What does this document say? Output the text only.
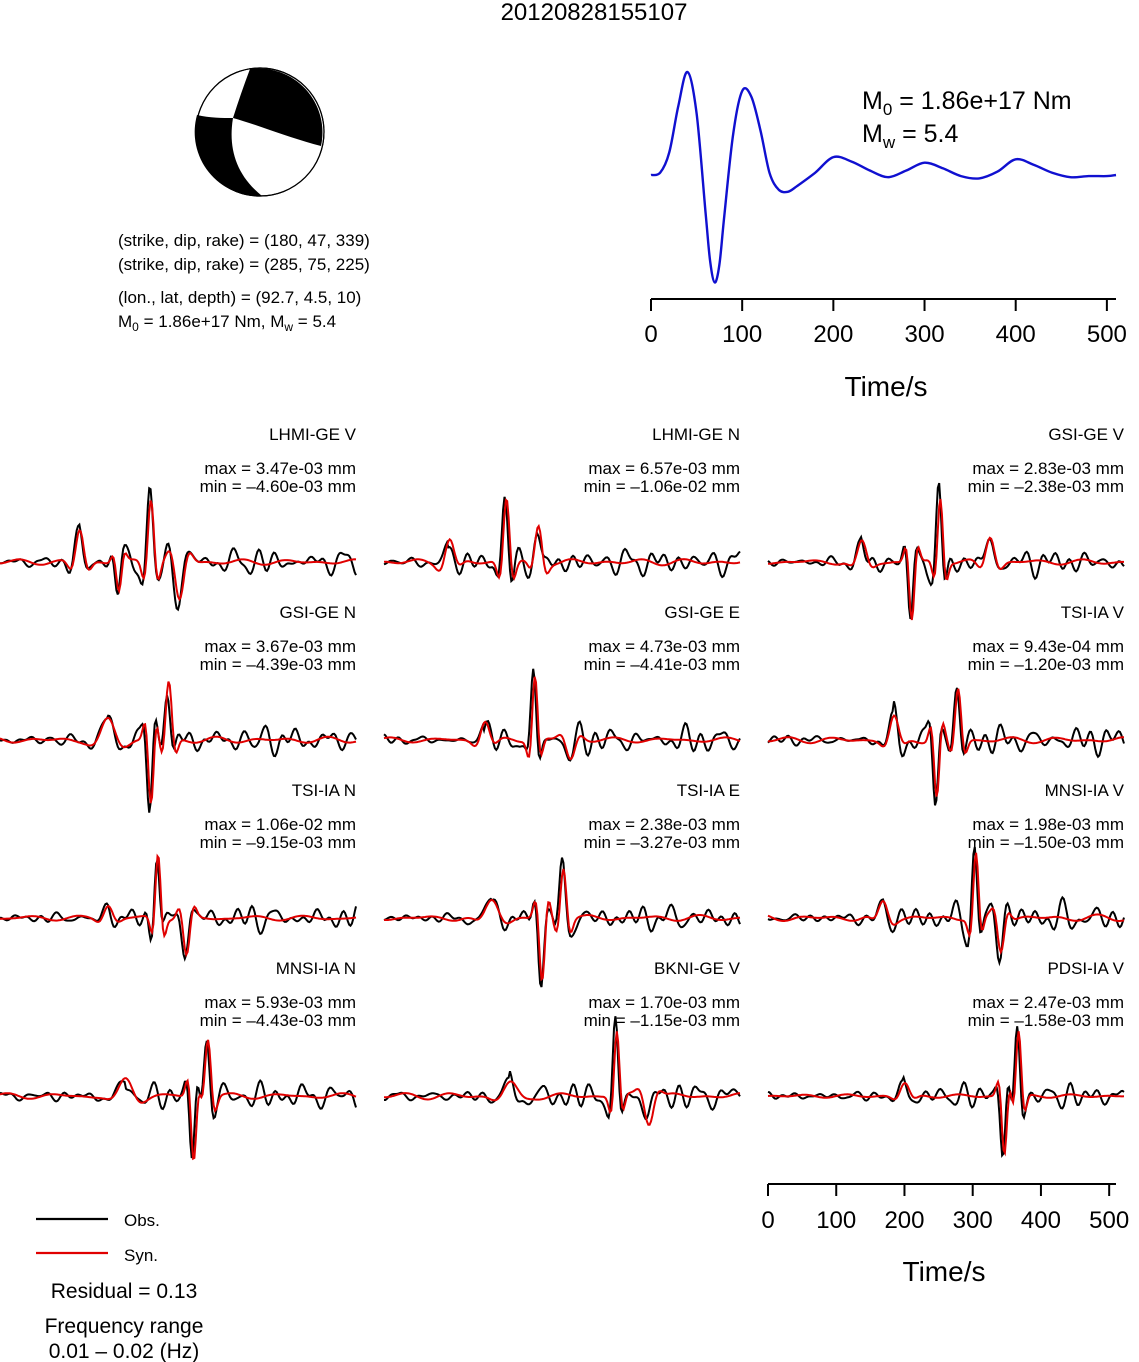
20120828155107
(strike, dip, rake) = (180, 47, 339)
(strike, dip, rake) = (285, 75, 225)
(lon., lat, depth) = (92.7, 4.5, 10)
$M_0 = 1.86e+17$ Nm, $M_w = 5.4$
$M_0 = 1.86e+17$ Nm
$M_w = 5.4$
0	100 200 300 400 500
Time/s
LHMI-GE V
max = 3.47e-03 mm
min = –4.60e-03 mm
LHMI-GE N
max = 6.57e-03 mm
min = –1.06e-02 mm
GSI-GE V
max = 2.83e-03 mm
min = –2.38e-03 mm
GSI-GE N
max = 3.67e-03 mm
min = –4.39e-03 mm
GSI-GE E
max = 4.73e-03 mm
min = –4.41e-03 mm
TSI-IA V
max = 9.43e-04 mm
min = –1.20e-03 mm
TSI-IA N
max = 1.06e-02 mm
min = –9.15e-03 mm
TSI-IA E
max = 2.38e-03 mm
min = –3.27e-03 mm
MNSI-IA V
max = 1.98e-03 mm
min = –1.50e-03 mm
MNSI-IA N
max = 5.93e-03 mm
min = –4.43e-03 mm
BKNI-GE V
max = 1.70e-03 mm
min = –1.15e-03 mm
PDSI-IA V
max = 2.47e-03 mm
min = –1.58e-03 mm
0 100 200 300 400 500
Time/s
Obs.
Syn.
Residual = 0.13
Frequency range
0.01 – 0.02 (Hz)
